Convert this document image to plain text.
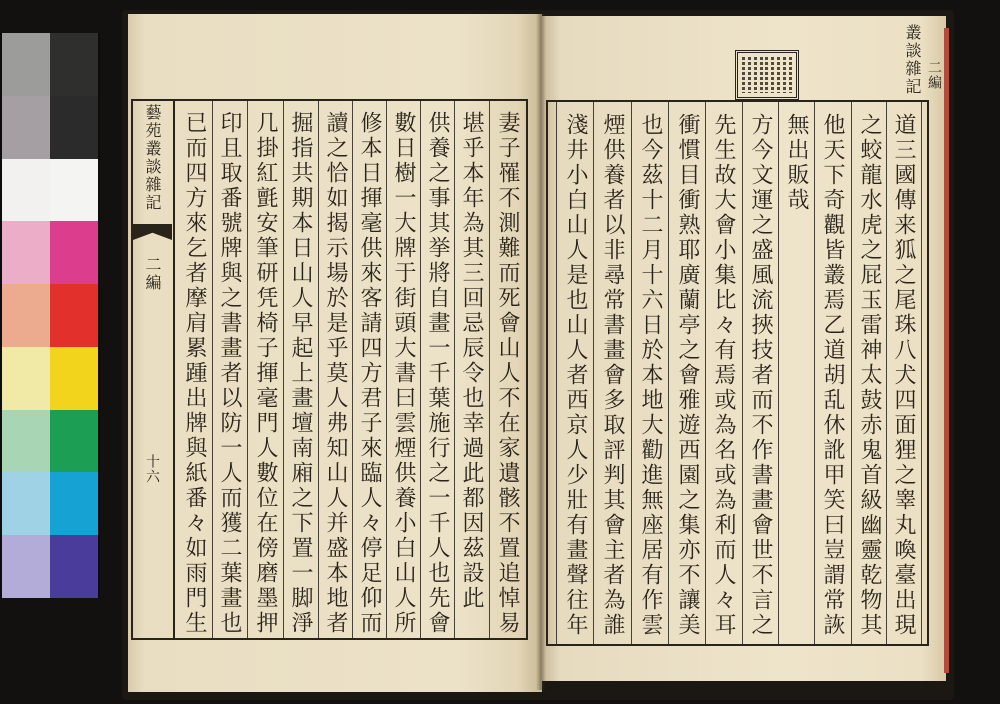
藝苑叢談雜記
二編
十六	妻子罹不測難而死會山人不在家遺骸不置追悼易
堪乎本年為其三回忌辰令也幸過此都因茲設此
供養之事其挙將自畫一千葉施行之一千人也先會
數日樹一大牌于街頭大書曰雲煙供養小白山人所
修本日揮毫供來客請四方君子來臨人々停足仰而
讀之恰如揭示場於是乎莫人弗知山人并盛本地者
掘指共期本日山人早起上畫壇南廂之下置一脚淨
几掛紅氈安筆研凭椅子揮毫門人數位在傍磨墨押
印且取番號牌與之書畫者以防一人而獲二葉畫也
已而四方來乞者摩肩累踵出牌與紙番々如雨門生
叢談雜記 二編
道三國傳来狐之尾珠八犬四面狸之睾丸喚臺出現
之蛟龍水虎之屁玉雷神太鼓赤鬼首級幽靈乾物其
他天下奇觀皆叢焉乙道胡乱休訛甲笑曰豈謂常詼
無出販哉
方今文運之盛風流挾技者而不作書畫會世不言之
先生故大會小集比々有焉或為名或為利而人々耳
衝慣目衝熟耶廣蘭亭之會雅遊西園之集亦不讓美
也今茲十二月十六日於本地大勸進無座居有作雲
煙供養者以非尋常書畫會多取評判其會主者為誰
淺井小白山人是也山人者西京人少壯有畫聲往年
